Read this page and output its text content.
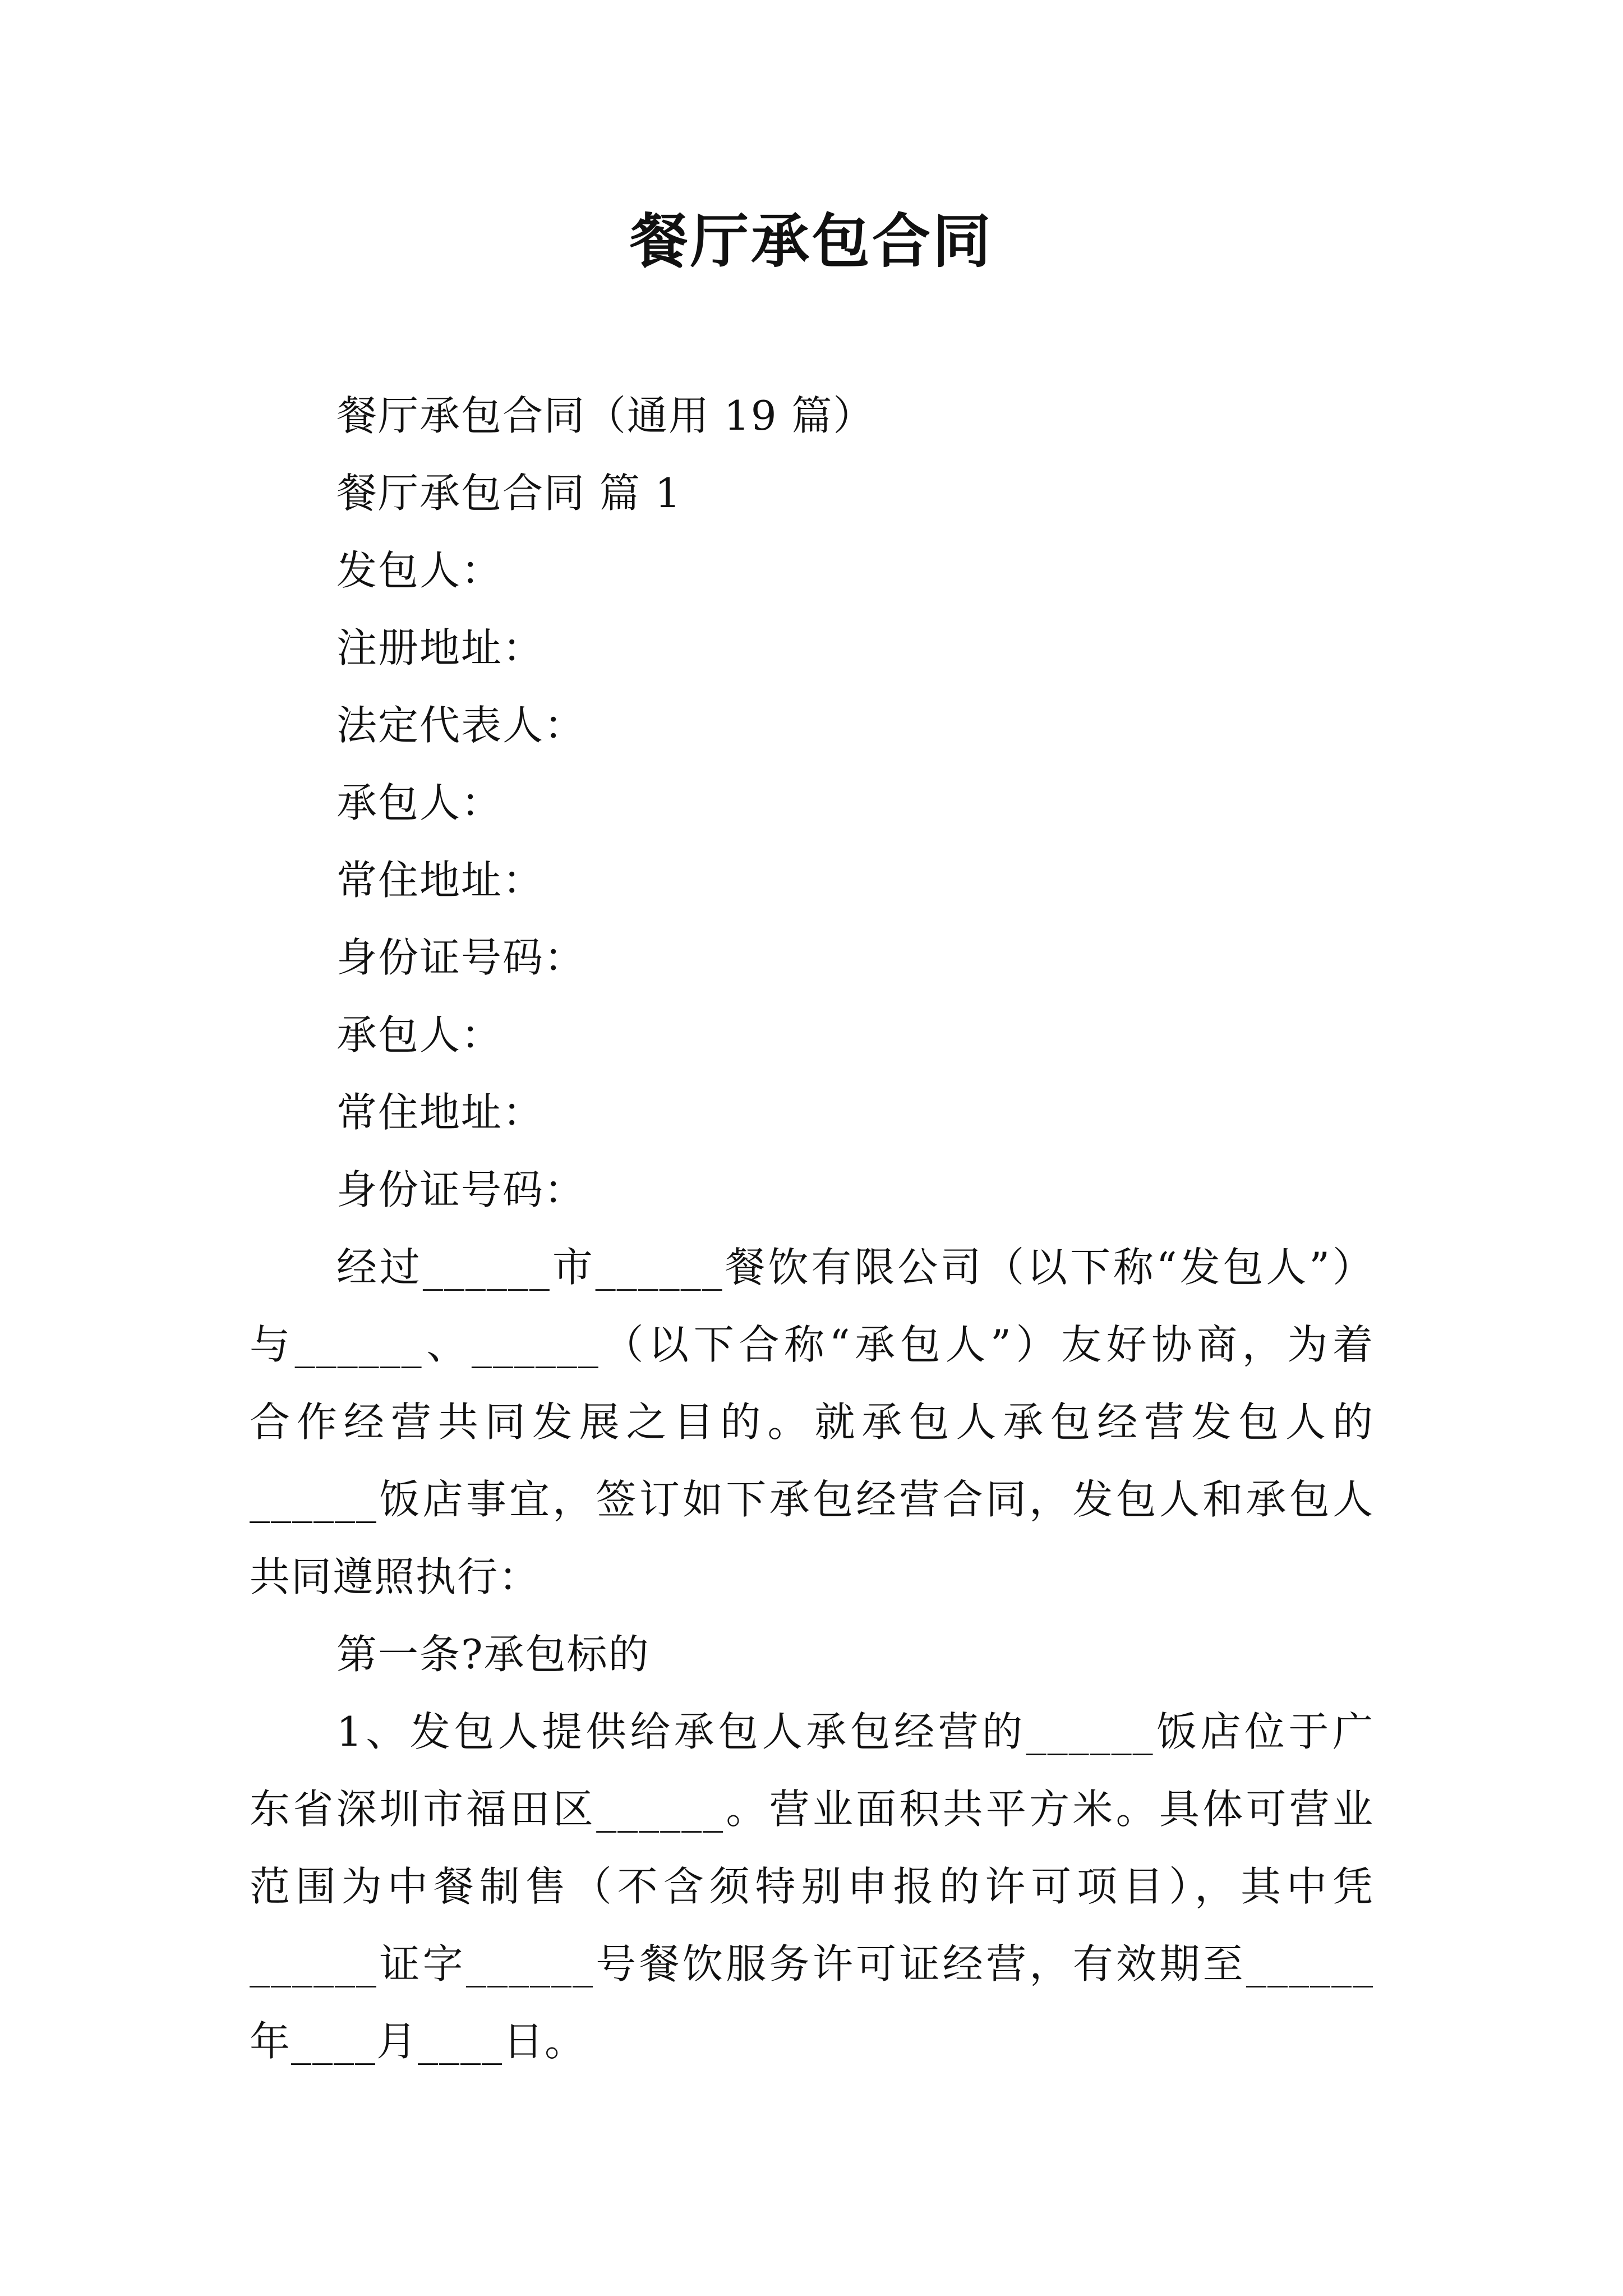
餐厅承包合同
餐厅承包合同（通用 19 篇）
餐厅承包合同 篇 1
发包人：
注册地址：
法定代表人：
承包人：
常住地址：
身份证号码：
承包人：
常住地址：
身份证号码：
经过______市______餐饮有限公司（以下称“发包人”）
与______、______（以下合称“承包人”）友好协商，为着
合作经营共同发展之目的。就承包人承包经营发包人的
______饭店事宜，签订如下承包经营合同，发包人和承包人
共同遵照执行：
第一条?承包标的
1、发包人提供给承包人承包经营的______饭店位于广
东省深圳市福田区______。营业面积共平方米。具体可营业
范围为中餐制售（不含须特别申报的许可项目），其中凭
______证字______号餐饮服务许可证经营，有效期至______
年____月____日。
